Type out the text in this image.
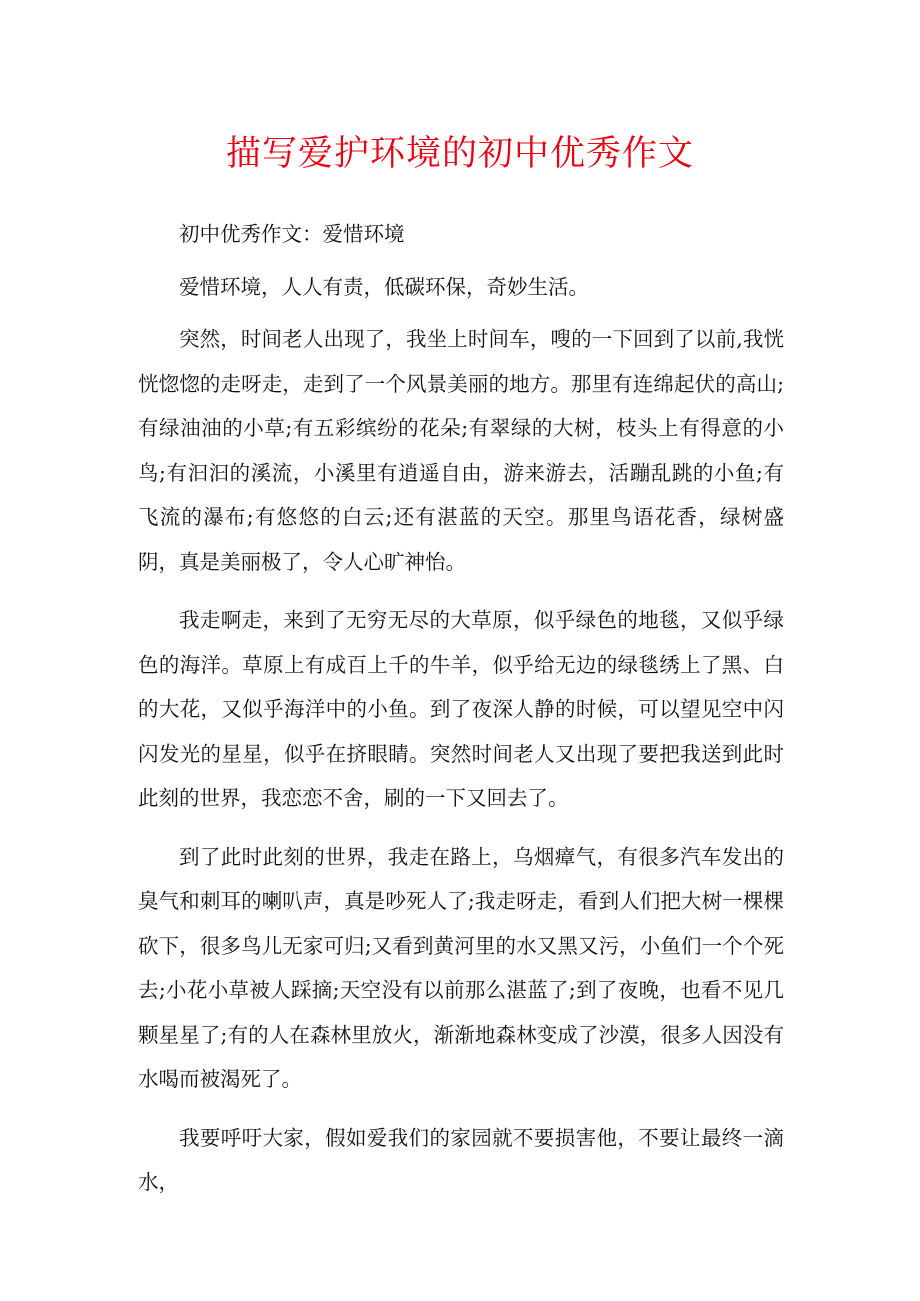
描写爱护环境的初中优秀作文

初中优秀作文：爱惜环境

爱惜环境，人人有责，低碳环保，奇妙生活。

突然，时间老人出现了，我坐上时间车，嗖的一下回到了以前,我恍恍惚惚的走呀走，走到了一个风景美丽的地方。那里有连绵起伏的高山;有绿油油的小草;有五彩缤纷的花朵;有翠绿的大树，枝头上有得意的小鸟;有汩汩的溪流，小溪里有逍遥自由，游来游去，活蹦乱跳的小鱼;有飞流的瀑布;有悠悠的白云;还有湛蓝的天空。那里鸟语花香，绿树盛阴，真是美丽极了，令人心旷神怡。

我走啊走，来到了无穷无尽的大草原，似乎绿色的地毯，又似乎绿色的海洋。草原上有成百上千的牛羊，似乎给无边的绿毯绣上了黑、白的大花，又似乎海洋中的小鱼。到了夜深人静的时候，可以望见空中闪闪发光的星星，似乎在挤眼睛。突然时间老人又出现了要把我送到此时此刻的世界，我恋恋不舍，刷的一下又回去了。

到了此时此刻的世界，我走在路上，乌烟瘴气，有很多汽车发出的臭气和刺耳的喇叭声，真是吵死人了;我走呀走，看到人们把大树一棵棵砍下，很多鸟儿无家可归;又看到黄河里的水又黑又污，小鱼们一个个死去;小花小草被人踩摘;天空没有以前那么湛蓝了;到了夜晚，也看不见几颗星星了;有的人在森林里放火，渐渐地森林变成了沙漠，很多人因没有水喝而被渴死了。

我要呼吁大家，假如爱我们的家园就不要损害他，不要让最终一滴水，
